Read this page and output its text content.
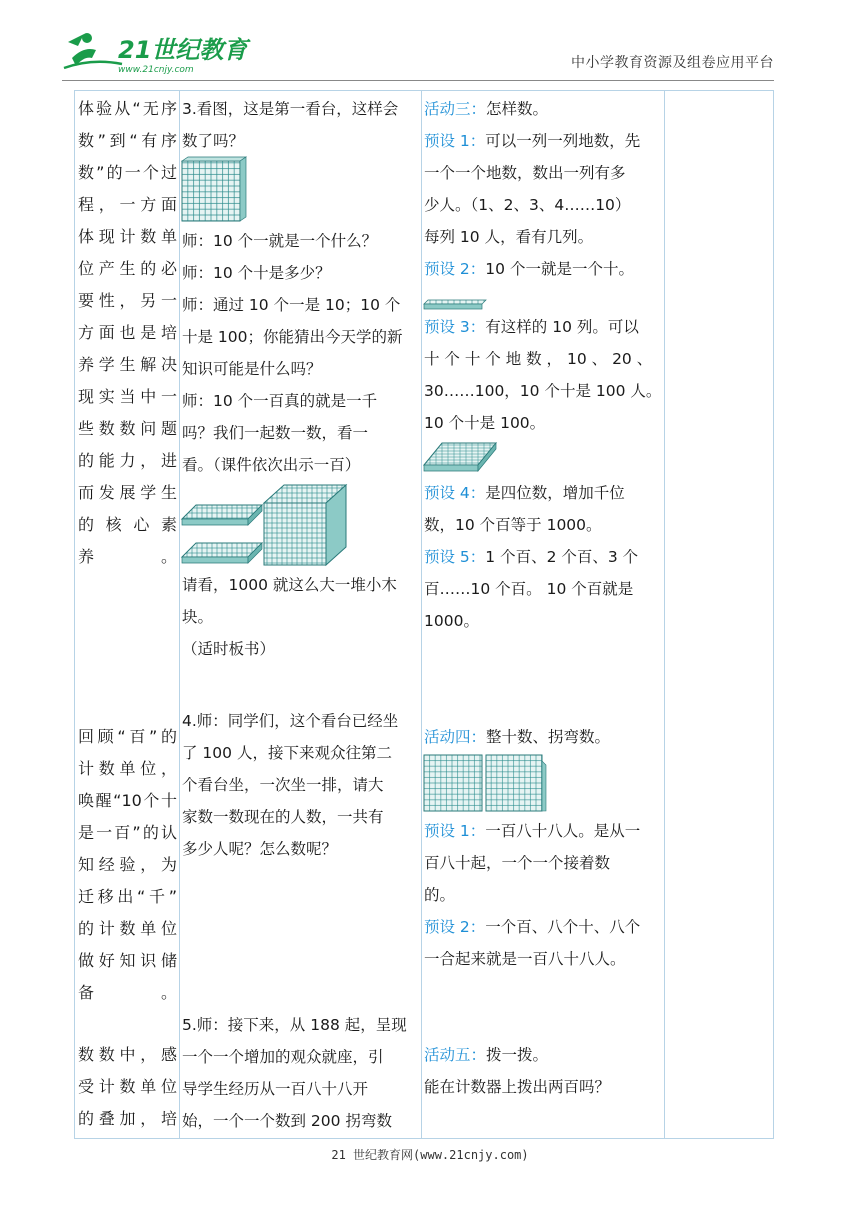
21世纪教育
www.21cnjy.com	中小学教育资源及组卷应用平台
体验从“无序
数”到“有序
数”的一个过
程，一方面
体现计数单
位产生的必
要性，另一
方面也是培
养学生解决
现实当中一
些数数问题
的能力，进
而发展学生
的 核 心 素
养。
回顾“百”的
计数单位，
唤醒“10个十
是一百”的认
知经验，为
迁移出“千”
的计数单位
做好知识储
备。
数数中，感
受计数单位
的叠加，培
3.看图，这是第一看台，这样会
数了吗？
师：10 个一就是一个什么？
师：10 个十是多少？
师：通过 10 个一是 10；10 个
十是 100；你能猜出今天学的新
知识可能是什么吗？
师：10 个一百真的就是一千
吗？我们一起数一数，看一
看。（课件依次出示一百）
请看，1000 就这么大一堆小木
块。
（适时板书）
4.师：同学们，这个看台已经坐
了 100 人，接下来观众往第二
个看台坐，一次坐一排，请大
家数一数现在的人数，一共有
多少人呢？怎么数呢？
5.师：接下来，从 188 起，呈现
一个一个增加的观众就座，引
导学生经历从一百八十八开
始，一个一个数到 200 拐弯数
活动三：怎样数。
预设 1：可以一列一列地数，先
一个一个地数，数出一列有多
少人。（1、2、3、4……10）
每列 10 人，看有几列。
预设 2：10 个一就是一个十。
预设 3：有这样的 10 列。可以
十 个 十 个 地 数 ， 10 、 20 、
30……100，10 个十是 100 人。
10 个十是 100。
预设 4：是四位数，增加千位
数，10 个百等于 1000。
预设 5：1 个百、2 个百、3 个
百……10 个百。 10 个百就是
1000。
活动四：整十数、拐弯数。
预设 1：一百八十八人。是从一
百八十起，一个一个接着数
的。
预设 2：一个百、八个十、八个
一合起来就是一百八十八人。
活动五：拨一拨。
能在计数器上拨出两百吗？
21 世纪教育网(www.21cnjy.com)
